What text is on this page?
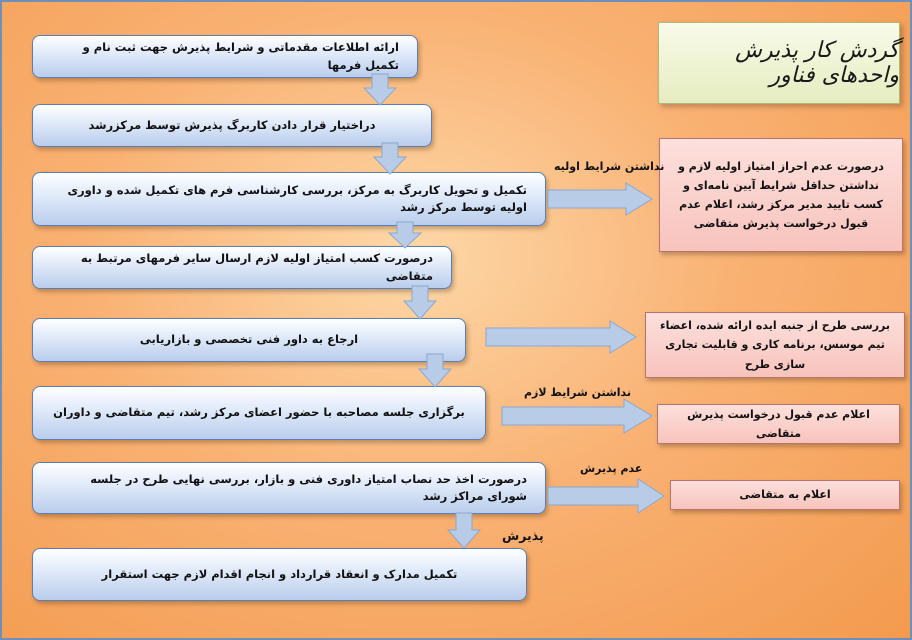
گردش کار پذیرش واحدهای فناور
ارائه اطلاعات مقدماتی و شرایط پذیرش جهت ثبت نام و تکمیل فرمها
دراختیار قرار دادن کاربرگ پذیرش توسط مرکزرشد
تکمیل و تحویل کاربرگ به مرکز، بررسی کارشناسی فرم های تکمیل شده و داوری اولیه توسط مرکز رشد
درصورت کسب امتیاز اولیه لازم ارسال سایر فرمهای مرتبط به متقاضی
ارجاع به داور فنی تخصصی و بازاریابی
برگزاری جلسه مصاحبه با حضور اعضای مرکز رشد، تیم متقاضی و داوران
درصورت اخذ حد نصاب امتیاز داوری فنی و بازار، بررسی نهایی طرح در جلسه شورای مراکز رشد
تکمیل مدارک و انعقاد قرارداد و انجام اقدام لازم جهت استقرار
درصورت عدم احراز امتیاز اولیه لازم و نداشتن حداقل شرایط آیین نامه‌ای و کسب تایید مدیر مرکز رشد، اعلام عدم قبول درخواست پذیرش متقاضی
بررسی طرح از جنبه ایده ارائه شده، اعضاء تیم موسس، برنامه کاری و قابلیت تجاری سازی طرح
اعلام عدم قبول درخواست پذیرش متقاضی
اعلام به متقاضی
نداشتن شرایط اولیه
نداشتن شرایط لازم
عدم پذیرش
پذیرش
